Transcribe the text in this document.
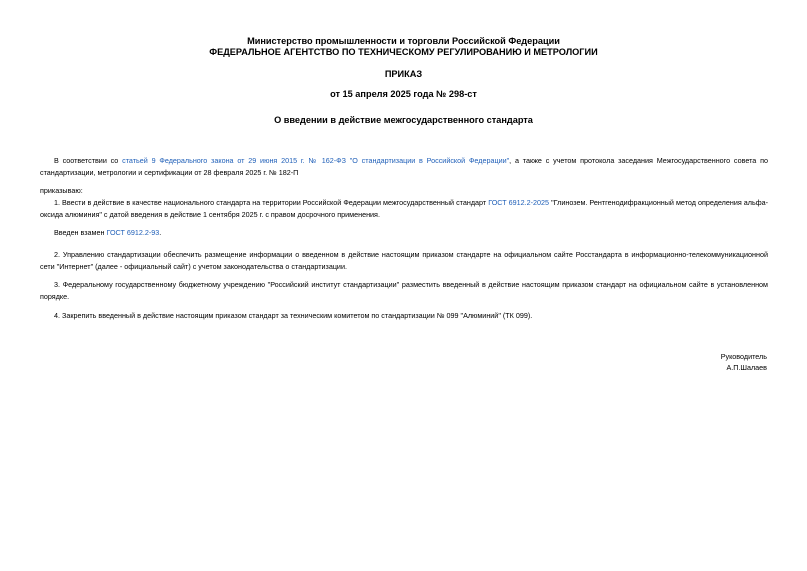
Министерство промышленности и торговли Российской Федерации
ФЕДЕРАЛЬНОЕ АГЕНТСТВО ПО ТЕХНИЧЕСКОМУ РЕГУЛИРОВАНИЮ И МЕТРОЛОГИИ
ПРИКАЗ
от 15 апреля 2025 года № 298-ст
О введении в действие межгосударственного стандарта
В соответствии со статьей 9 Федерального закона от 29 июня 2015 г. № 162-ФЗ "О стандартизации в Российской Федерации", а также с учетом протокола заседания Межгосударственного совета по стандартизации, метрологии и сертификации от 28 февраля 2025 г. № 182-П
приказываю:
1. Ввести в действие в качестве национального стандарта на территории Российской Федерации межгосударственный стандарт ГОСТ 6912.2-2025 "Глинозем. Рентгенодифракционный метод определения альфа-оксида алюминия" с датой введения в действие 1 сентября 2025 г. с правом досрочного применения.
Введен взамен ГОСТ 6912.2-93.
2. Управлению стандартизации обеспечить размещение информации о введенном в действие настоящим приказом стандарте на официальном сайте Росстандарта в информационно-телекоммуникационной сети "Интернет" (далее - официальный сайт) с учетом законодательства о стандартизации.
3. Федеральному государственному бюджетному учреждению "Российский институт стандартизации" разместить введенный в действие настоящим приказом стандарт на официальном сайте в установленном порядке.
4. Закрепить введенный в действие настоящим приказом стандарт за техническим комитетом по стандартизации № 099 "Алюминий" (ТК 099).
Руководитель
А.П.Шалаев
